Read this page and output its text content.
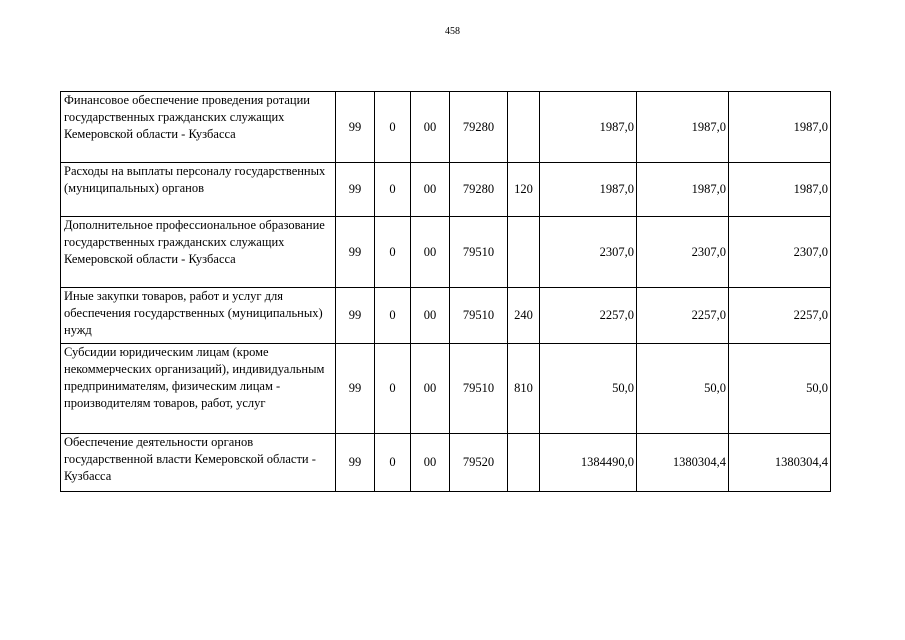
458
Финансовое обеспечение проведения ротации государственных гражданских служащих Кемеровской области - Кузбасса	99	0	00	79280		1987,0	1987,0	1987,0
Расходы на выплаты персоналу государственных (муниципальных) органов	99	0	00	79280	120	1987,0	1987,0	1987,0
Дополнительное профессиональное образование государственных гражданских служащих Кемеровской области - Кузбасса	99	0	00	79510		2307,0	2307,0	2307,0
Иные закупки товаров, работ и услуг для обеспечения государственных (муниципальных) нужд	99	0	00	79510	240	2257,0	2257,0	2257,0
Субсидии юридическим лицам (кроме некоммерческих организаций), индивидуальным предпринимателям, физическим лицам - производителям товаров, работ, услуг	99	0	00	79510	810	50,0	50,0	50,0
Обеспечение деятельности органов государственной власти Кемеровской области - Кузбасса	99	0	00	79520		1384490,0	1380304,4	1380304,4
